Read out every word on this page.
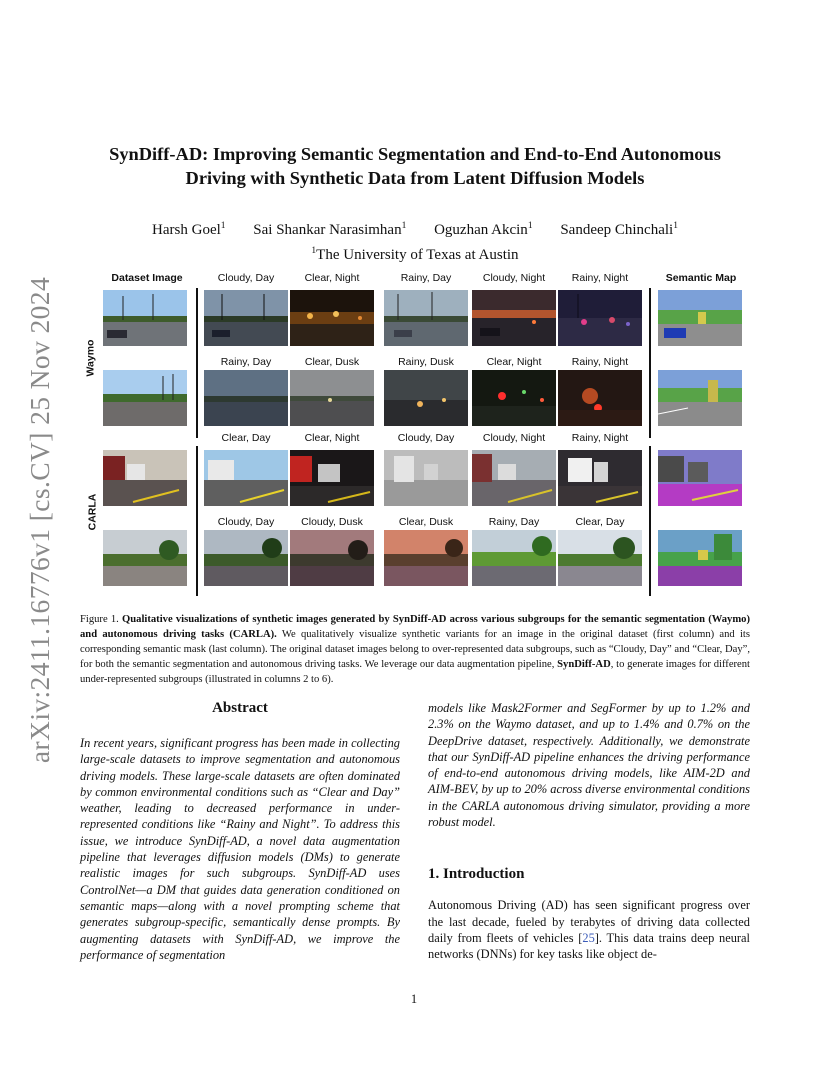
arXiv:2411.16776v1 [cs.CV] 25 Nov 2024
SynDiff-AD: Improving Semantic Segmentation and End-to-End Autonomous Driving with Synthetic Data from Latent Diffusion Models
Harsh Goel$^1$ Sai Shankar Narasimhan$^1$ Oguzhan Akcin$^1$ Sandeep Chinchali$^1$
$^1$The University of Texas at Austin
Dataset Image	Semantic Map
Waymo
CARLA
Cloudy, Day	Clear, Night	Rainy, Day	Cloudy, Night	Rainy, Night
Rainy, Day	Clear, Dusk	Rainy, Dusk	Clear, Night	Rainy, Night
Clear, Day	Clear, Night	Cloudy, Day	Cloudy, Night	Rainy, Night
Cloudy, Day	Cloudy, Dusk	Clear, Dusk	Rainy, Day	Clear, Day
Figure 1. Qualitative visualizations of synthetic images generated by SynDiff-AD across various subgroups for the semantic segmentation (Waymo) and autonomous driving tasks (CARLA). We qualitatively visualize synthetic variants for an image in the original dataset (first column) and its corresponding semantic mask (last column). The original dataset images belong to over-represented data subgroups, such as “Cloudy, Day” and “Clear, Day”, for both the semantic segmentation and autonomous driving tasks. We leverage our data augmentation pipeline, SynDiff-AD, to generate images for different under-represented subgroups (illustrated in columns 2 to 6).
Abstract

In recent years, significant progress has been made in collecting large-scale datasets to improve segmentation and autonomous driving models. These large-scale datasets are often dominated by common environmental conditions such as “Clear and Day” weather, leading to decreased performance in under-represented conditions like “Rainy and Night”. To address this issue, we introduce SynDiff-AD, a novel data augmentation pipeline that leverages diffusion models (DMs) to generate realistic images for such subgroups. SynDiff-AD uses ControlNet—a DM that guides data generation conditioned on semantic maps—along with a novel prompting scheme that generates subgroup-specific, semantically dense prompts. By augmenting datasets with SynDiff-AD, we improve the performance of segmentation

models like Mask2Former and SegFormer by up to 1.2% and 2.3% on the Waymo dataset, and up to 1.4% and 0.7% on the DeepDrive dataset, respectively. Additionally, we demonstrate that our SynDiff-AD pipeline enhances the driving performance of end-to-end autonomous driving models, like AIM-2D and AIM-BEV, by up to 20% across diverse environmental conditions in the CARLA autonomous driving simulator, providing a more robust model.

1. Introduction

Autonomous Driving (AD) has seen significant progress over the last decade, fueled by terabytes of driving data collected daily from fleets of vehicles [25]. This data trains deep neural networks (DNNs) for key tasks like object de-

1
